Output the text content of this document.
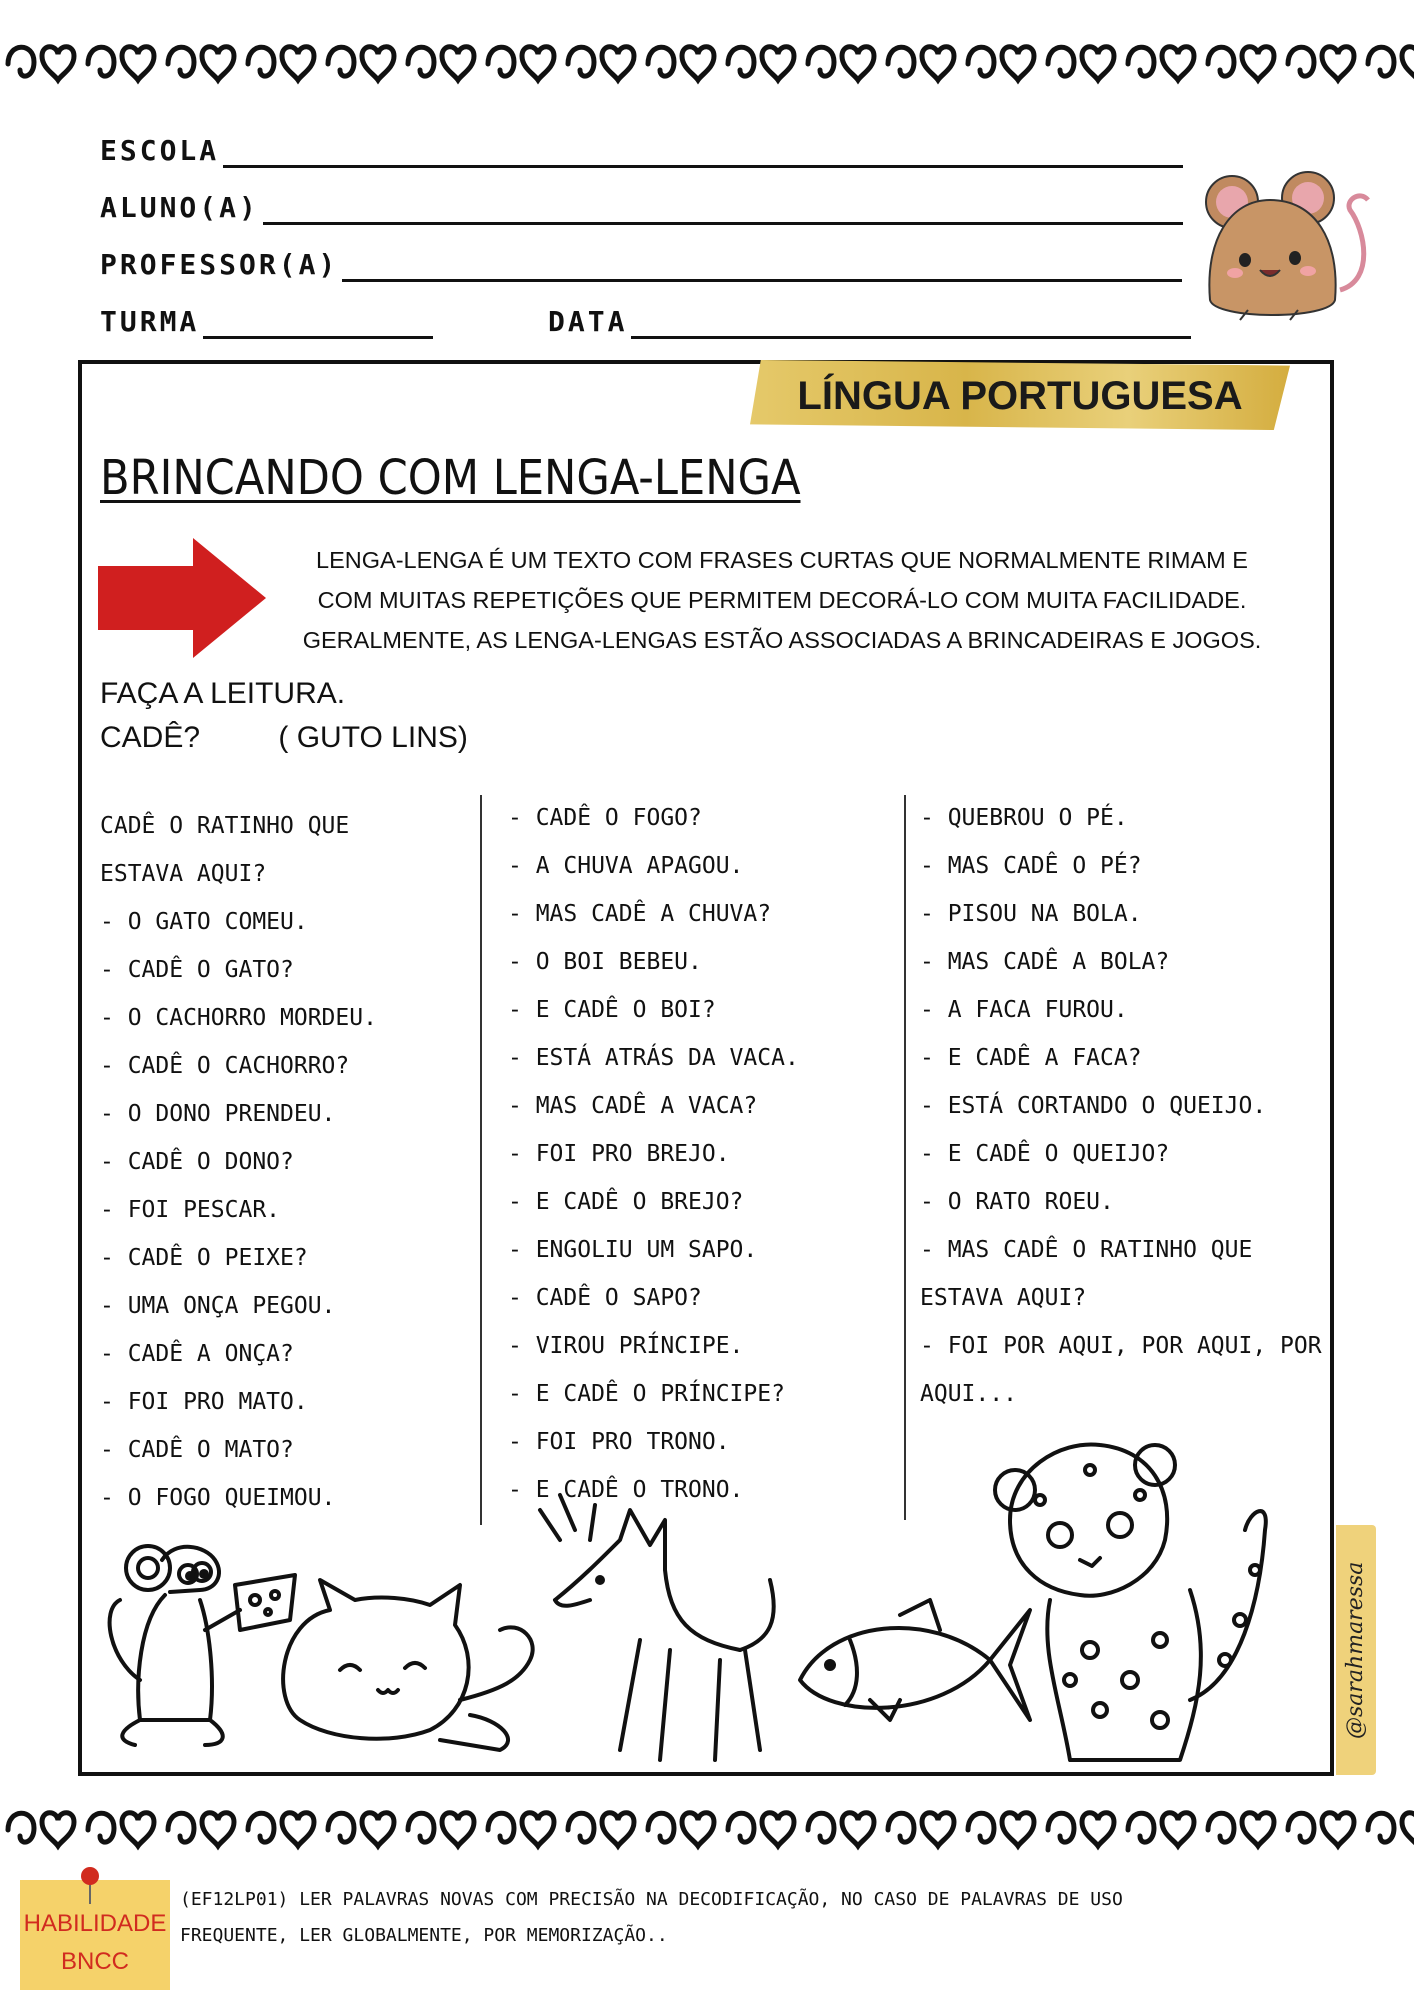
ESCOLA
ALUNO(A)
PROFESSOR(A)
TURMA	DATA
LÍNGUA PORTUGUESA
BRINCANDO COM LENGA-LENGA
LENGA-LENGA É UM TEXTO COM FRASES CURTAS QUE NORMALMENTE RIMAM E
COM MUITAS REPETIÇÕES QUE PERMITEM DECORÁ-LO COM MUITA FACILIDADE.
GERALMENTE, AS LENGA-LENGAS ESTÃO ASSOCIADAS A BRINCADEIRAS E JOGOS.
FAÇA A LEITURA.
CADÊ?	( GUTO LINS)
CADÊ O RATINHO QUE
ESTAVA AQUI?
- O GATO COMEU.
- CADÊ O GATO?
- O CACHORRO MORDEU.
- CADÊ O CACHORRO?
- O DONO PRENDEU.
- CADÊ O DONO?
- FOI PESCAR.
- CADÊ O PEIXE?
- UMA ONÇA PEGOU.
- CADÊ A ONÇA?
- FOI PRO MATO.
- CADÊ O MATO?
- O FOGO QUEIMOU.
- CADÊ O FOGO?
- A CHUVA APAGOU.
- MAS CADÊ A CHUVA?
- O BOI BEBEU.
- E CADÊ O BOI?
- ESTÁ ATRÁS DA VACA.
- MAS CADÊ A VACA?
- FOI PRO BREJO.
- E CADÊ O BREJO?
- ENGOLIU UM SAPO.
- CADÊ O SAPO?
- VIROU PRÍNCIPE.
- E CADÊ O PRÍNCIPE?
- FOI PRO TRONO.
- E CADÊ O TRONO.
- QUEBROU O PÉ.
- MAS CADÊ O PÉ?
- PISOU NA BOLA.
- MAS CADÊ A BOLA?
- A FACA FUROU.
- E CADÊ A FACA?
- ESTÁ CORTANDO O QUEIJO.
- E CADÊ O QUEIJO?
- O RATO ROEU.
- MAS CADÊ O RATINHO QUE
ESTAVA AQUI?
- FOI POR AQUI, POR AQUI, POR
AQUI...
@sarahmaressa
HABILIDADE
BNCC
(EF12LP01) LER PALAVRAS NOVAS COM PRECISÃO NA DECODIFICAÇÃO, NO CASO DE PALAVRAS DE USO
FREQUENTE, LER GLOBALMENTE, POR MEMORIZAÇÃO..
